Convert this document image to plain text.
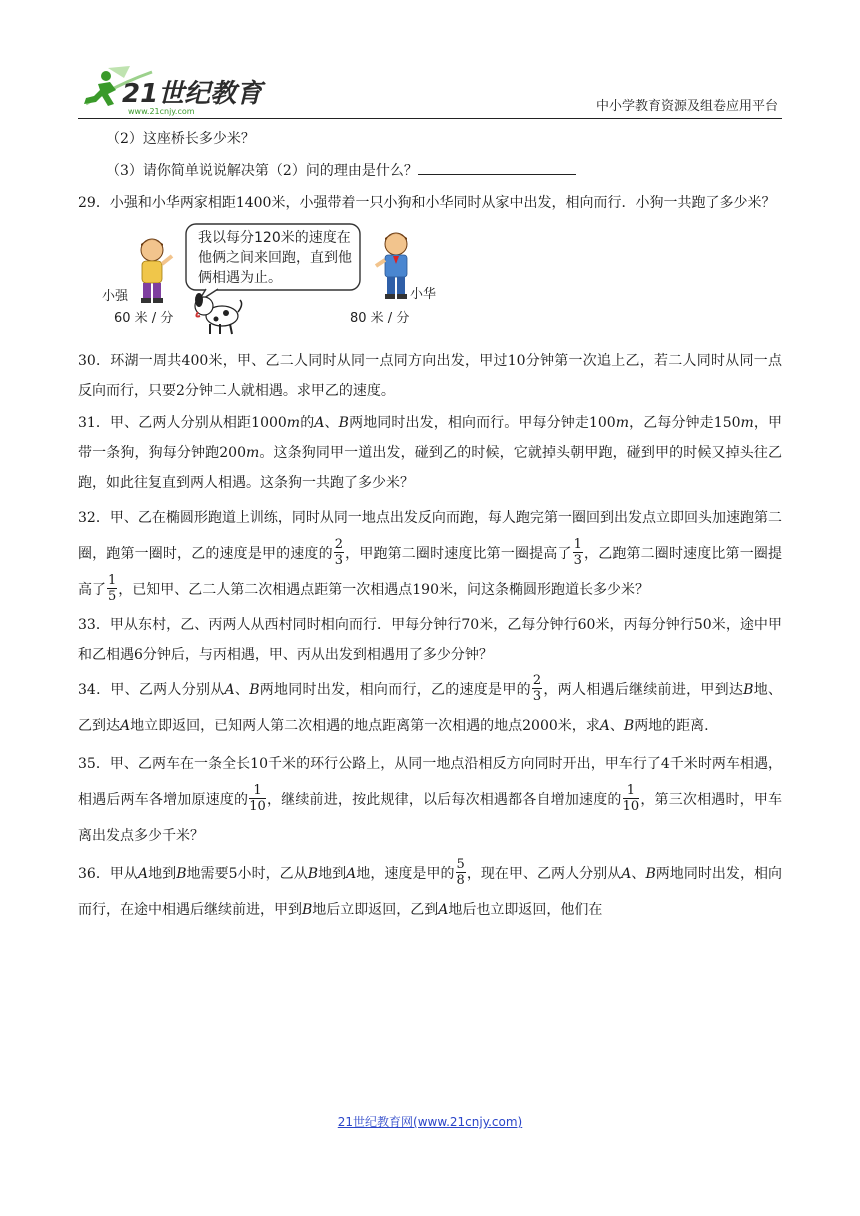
21世纪教育
www.21cnjy.com	中小学教育资源及组卷应用平台

（2）这座桥长多少米？

（3）请你简单说说解决第（2）问的理由是什么？

29．小强和小华两家相距1400米，小强带着一只小狗和小华同时从家中出发，相向而行．小狗一共跑了多少米？

小强
60 米 / 分
我以每分120米的速度在他俩之间来回跑，直到他俩相遇为止。
小华
80 米 / 分

30．环湖一周共400米，甲、乙二人同时从同一点同方向出发，甲过10分钟第一次追上乙，若二人同时从同一点反向而行，只要2分钟二人就相遇。求甲乙的速度。

31．甲、乙两人分别从相距1000m的A、B两地同时出发，相向而行。甲每分钟走100m，乙每分钟走150m，甲带一条狗，狗每分钟跑200m。这条狗同甲一道出发，碰到乙的时候，它就掉头朝甲跑，碰到甲的时候又掉头往乙跑，如此往复直到两人相遇。这条狗一共跑了多少米？

32．甲、乙在椭圆形跑道上训练，同时从同一地点出发反向而跑，每人跑完第一圈回到出发点立即回头加速跑第二圈，跑第一圈时，乙的速度是甲的速度的 $\frac{2}{3}$ ，甲跑第二圈时速度比第一圈提高了 $\frac{1}{3}$ ，乙跑第二圈时速度比第一圈提高了 $\frac{1}{5}$ ，已知甲、乙二人第二次相遇点距第一次相遇点190米，问这条椭圆形跑道长多少米？

33．甲从东村，乙、丙两人从西村同时相向而行．甲每分钟行70米，乙每分钟行60米，丙每分钟行50米，途中甲和乙相遇6分钟后，与丙相遇，甲、丙从出发到相遇用了多少分钟？

34．甲、乙两人分别从A、B两地同时出发，相向而行，乙的速度是甲的 $\frac{2}{3}$ ，两人相遇后继续前进，甲到达B地、乙到达A地立即返回，已知两人第二次相遇的地点距离第一次相遇的地点2000米，求A、B两地的距离.

35．甲、乙两车在一条全长10千米的环行公路上，从同一地点沿相反方向同时开出，甲车行了4千米时两车相遇，相遇后两车各增加原速度的 $\frac{1}{10}$ ，继续前进，按此规律，以后每次相遇都各自增加速度的 $\frac{1}{10}$ ，第三次相遇时，甲车离出发点多少千米？

36．甲从A地到B地需要5小时，乙从B地到A地，速度是甲的 $\frac{5}{8}$ ，现在甲、乙两人分别从A、B两地同时出发，相向而行，在途中相遇后继续前进，甲到B地后立即返回，乙到A地后也立即返回，他们在

21世纪教育网(www.21cnjy.com)
